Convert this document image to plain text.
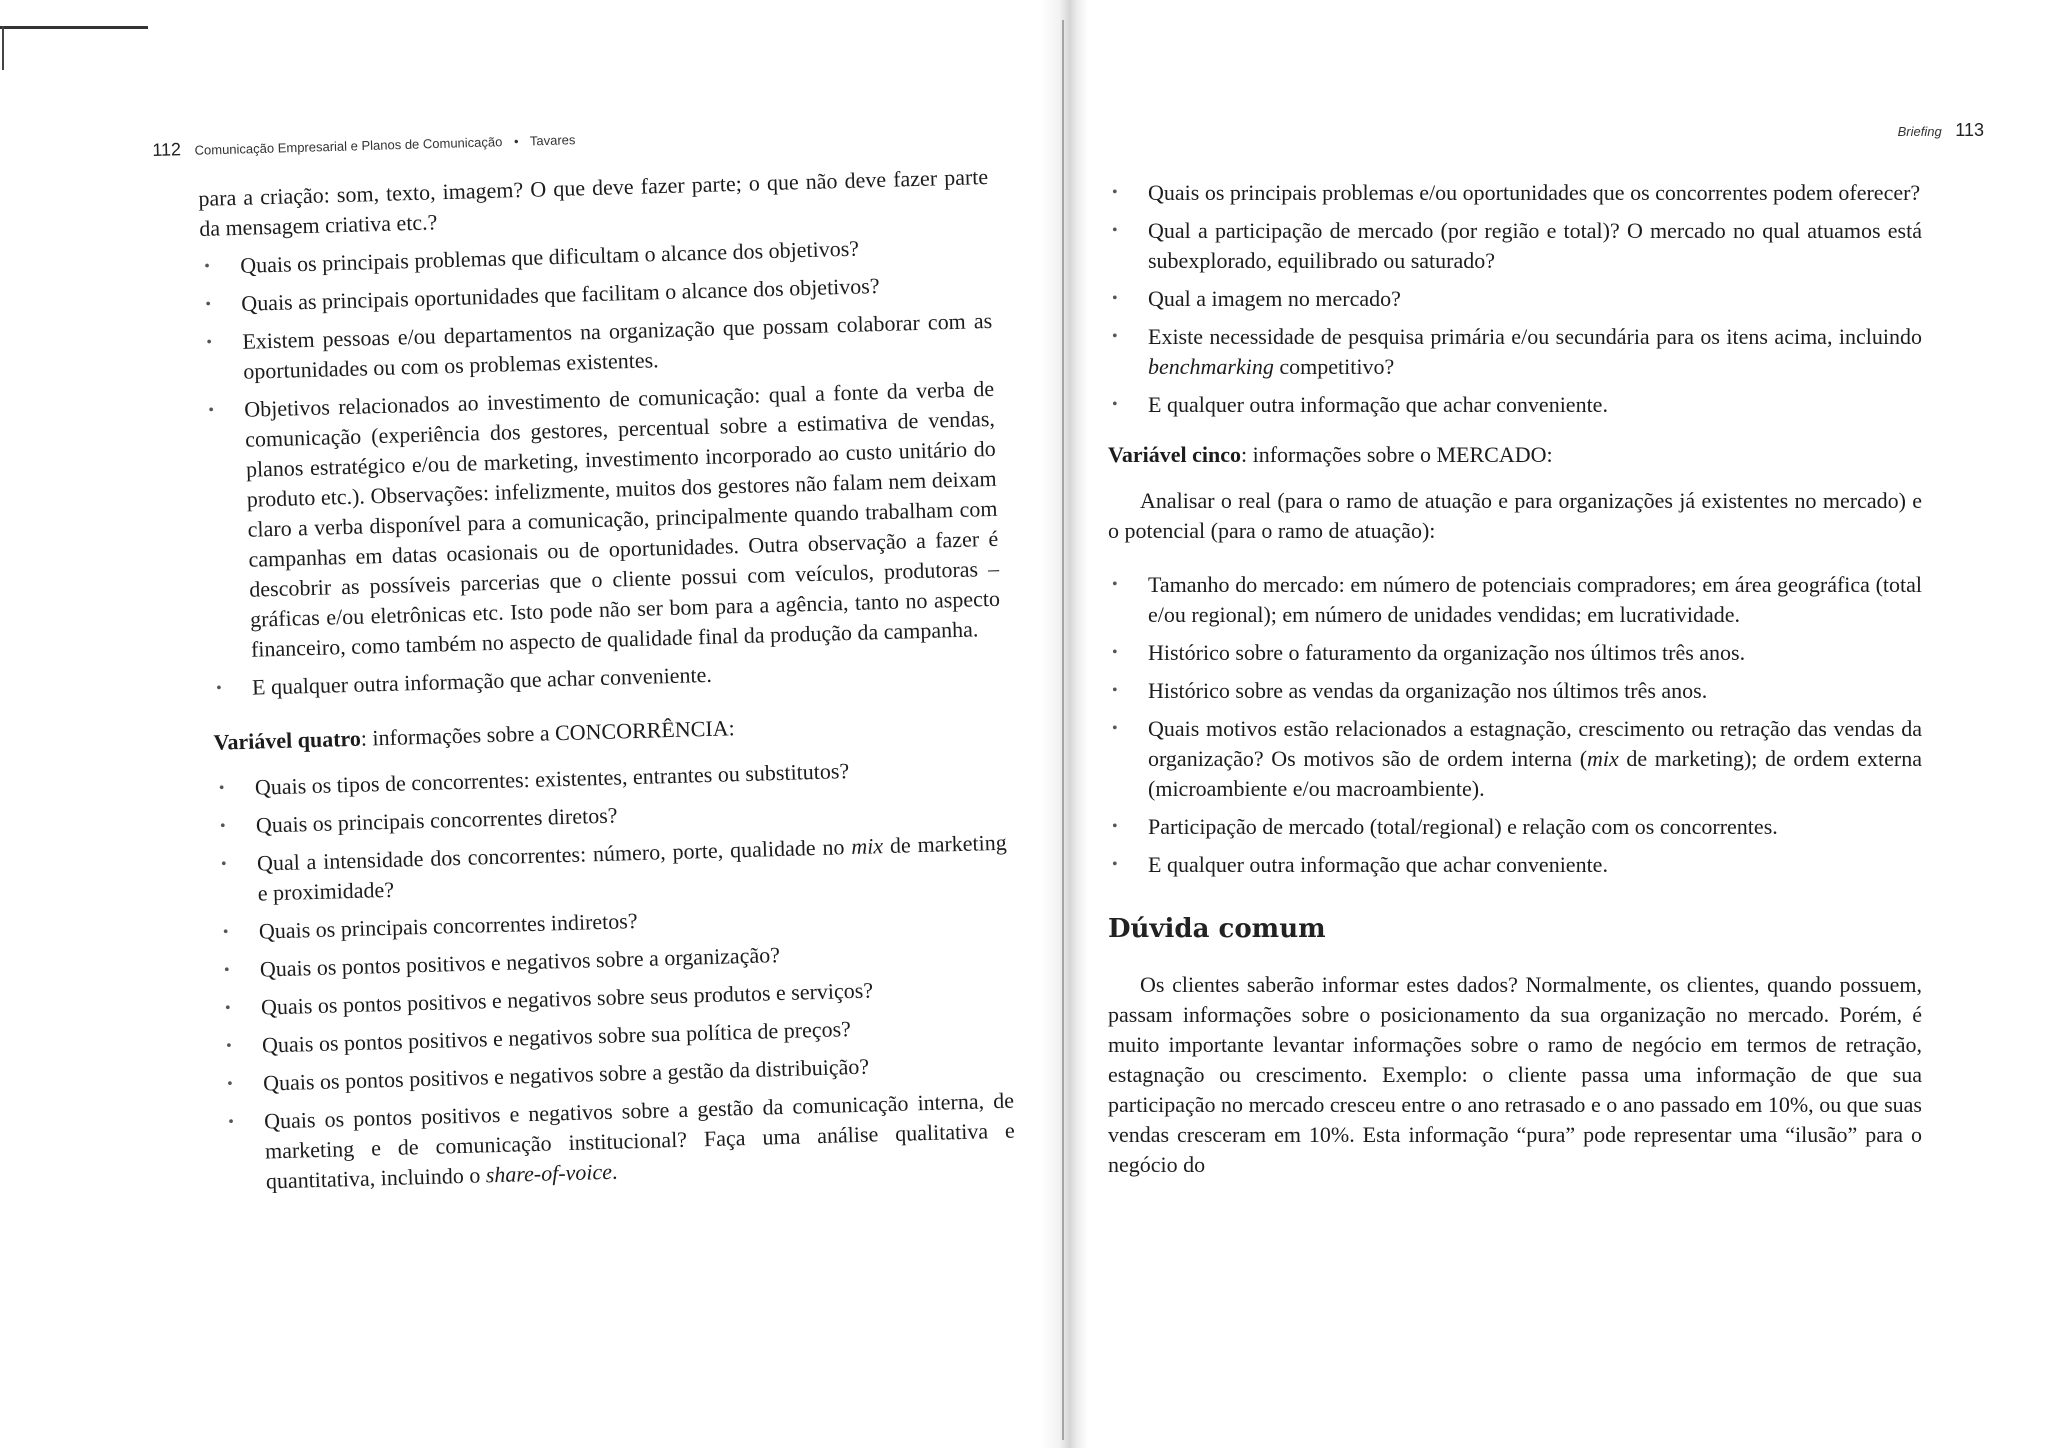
112 Comunicação Empresarial e Planos de Comunicação • Tavares

para a criação: som, texto, imagem? O que deve fazer parte; o que não deve fazer parte da mensagem criativa etc.?

• Quais os principais problemas que dificultam o alcance dos objetivos?
• Quais as principais oportunidades que facilitam o alcance dos objetivos?
• Existem pessoas e/ou departamentos na organização que possam colaborar com as oportunidades ou com os problemas existentes.
• Objetivos relacionados ao investimento de comunicação: qual a fonte da verba de comunicação (experiência dos gestores, percentual sobre a estimativa de vendas, planos estratégico e/ou de marketing, investimento incorporado ao custo unitário do produto etc.). Observações: infelizmente, muitos dos gestores não falam nem deixam claro a verba disponível para a comunicação, principalmente quando trabalham com campanhas em datas ocasionais ou de oportunidades. Outra observação a fazer é descobrir as possíveis parcerias que o cliente possui com veículos, produtoras – gráficas e/ou eletrônicas etc. Isto pode não ser bom para a agência, tanto no aspecto financeiro, como também no aspecto de qualidade final da produção da campanha.
• E qualquer outra informação que achar conveniente.

Variável quatro: informações sobre a CONCORRÊNCIA:

• Quais os tipos de concorrentes: existentes, entrantes ou substitutos?
• Quais os principais concorrentes diretos?
• Qual a intensidade dos concorrentes: número, porte, qualidade no mix de marketing e proximidade?
• Quais os principais concorrentes indiretos?
• Quais os pontos positivos e negativos sobre a organização?
• Quais os pontos positivos e negativos sobre seus produtos e serviços?
• Quais os pontos positivos e negativos sobre sua política de preços?
• Quais os pontos positivos e negativos sobre a gestão da distribuição?
• Quais os pontos positivos e negativos sobre a gestão da comunicação interna, de marketing e de comunicação institucional? Faça uma análise qualitativa e quantitativa, incluindo o share-of-voice.
Briefing 113
• Quais os principais problemas e/ou oportunidades que os concorrentes podem oferecer?
• Qual a participação de mercado (por região e total)? O mercado no qual atuamos está subexplorado, equilibrado ou saturado?
• Qual a imagem no mercado?
• Existe necessidade de pesquisa primária e/ou secundária para os itens acima, incluindo benchmarking competitivo?
• E qualquer outra informação que achar conveniente.

Variável cinco: informações sobre o MERCADO:

Analisar o real (para o ramo de atuação e para organizações já existentes no mercado) e o potencial (para o ramo de atuação):

• Tamanho do mercado: em número de potenciais compradores; em área geográfica (total e/ou regional); em número de unidades vendidas; em lucratividade.
• Histórico sobre o faturamento da organização nos últimos três anos.
• Histórico sobre as vendas da organização nos últimos três anos.
• Quais motivos estão relacionados a estagnação, crescimento ou retração das vendas da organização? Os motivos são de ordem interna (mix de marketing); de ordem externa (microambiente e/ou macroambiente).
• Participação de mercado (total/regional) e relação com os concorrentes.
• E qualquer outra informação que achar conveniente.
Dúvida comum

Os clientes saberão informar estes dados? Normalmente, os clientes, quando possuem, passam informações sobre o posicionamento da sua organização no mercado. Porém, é muito importante levantar informações sobre o ramo de negócio em termos de retração, estagnação ou crescimento. Exemplo: o cliente passa uma informação de que sua participação no mercado cresceu entre o ano retrasado e o ano passado em 10%, ou que suas vendas cresceram em 10%. Esta informação “pura” pode representar uma “ilusão” para o negócio do
